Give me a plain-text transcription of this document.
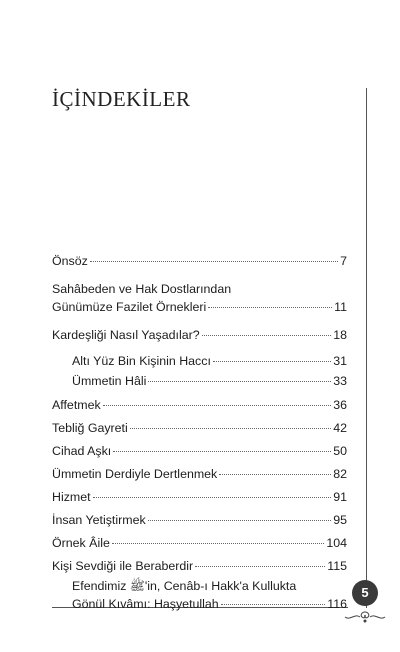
İÇİNDEKİLER
Önsöz	7
Sahâbeden ve Hak Dostlarından
Günümüze Fazilet Örnekleri	11
Kardeşliği Nasıl Yaşadılar?	18
Altı Yüz Bin Kişinin Haccı	31
Ümmetin Hâli	33
Affetmek	36
Tebliğ Gayreti	42
Cihad Aşkı	50
Ümmetin Derdiyle Dertlenmek	82
Hizmet	91
İnsan Yetiştirmek	95
Örnek Âile	104
Kişi Sevdiği ile Beraberdir	115
Efendimiz ﷺ'in, Cenâb-ı Hakk'a Kullukta
Gönül Kıvâmı: Haşyetullah	116
5
